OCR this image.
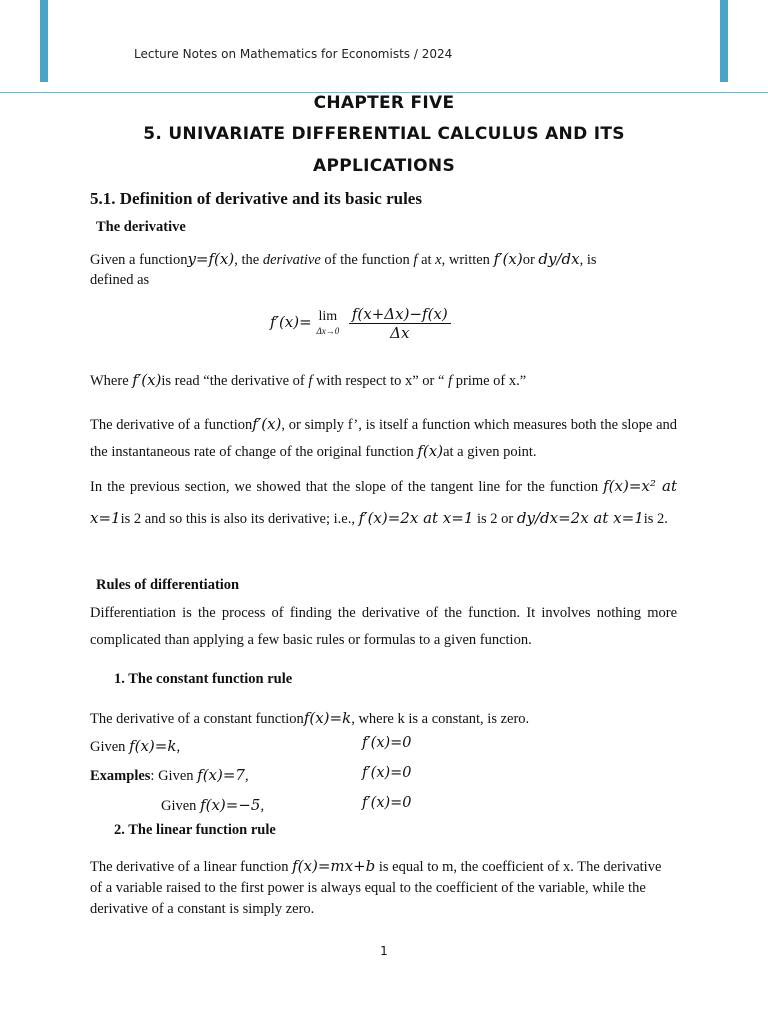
Lecture Notes on Mathematics for Economists / 2024
CHAPTER FIVE
5. UNIVARIATE DIFFERENTIAL CALCULUS AND ITS
APPLICATIONS
5.1. Definition of derivative and its basic rules
The derivative
Given a functiony=f(x), the derivative of the function f at x, written f′(x)or dy/dx, is
defined as
f′(x)= lim
Δx→0
$\frac{f(x+\Delta x)-f(x)}{\Delta x}$
Where f′(x)is read “the derivative of f with respect to x” or “ f prime of x.”
The derivative of a functionf′(x), or simply f’, is itself a function which measures both the slope and the instantaneous rate of change of the original function f(x)at a given point.
In the previous section, we showed that the slope of the tangent line for the function f(x)=x² at x=1is 2 and so this is also its derivative; i.e., f′(x)=2x at x=1 is 2 or dy/dx=2x at x=1is 2.
Rules of differentiation
Differentiation is the process of finding the derivative of the function. It involves nothing more complicated than applying a few basic rules or formulas to a given function.
1. The constant function rule
The derivative of a constant functionf(x)=k, where k is a constant, is zero.
Given f(x)=k,	f′(x)=0
Examples: Given f(x)=7,	f′(x)=0
Given f(x)=−5,	f′(x)=0
2. The linear function rule
The derivative of a linear function f(x)=mx+b is equal to m, the coefficient of x. The derivative of a variable raised to the first power is always equal to the coefficient of the variable, while the derivative of a constant is simply zero.
1
